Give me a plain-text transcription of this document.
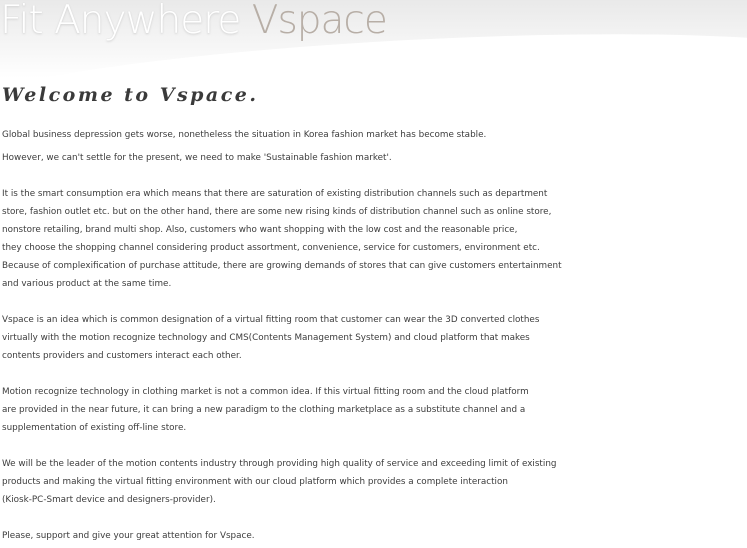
Fit Anywhere Vspace
Welcome to Vspace.

Global business depression gets worse, nonetheless the situation in Korea fashion market has become stable.

However, we can't settle for the present, we need to make 'Sustainable fashion market'.

It is the smart consumption era which means that there are saturation of existing distribution channels such as department
store, fashion outlet etc. but on the other hand, there are some new rising kinds of distribution channel such as online store,
nonstore retailing, brand multi shop. Also, customers who want shopping with the low cost and the reasonable price,
they choose the shopping channel considering product assortment, convenience, service for customers, environment etc.
Because of complexification of purchase attitude, there are growing demands of stores that can give customers entertainment
and various product at the same time.

Vspace is an idea which is common designation of a virtual fitting room that customer can wear the 3D converted clothes
virtually with the motion recognize technology and CMS(Contents Management System) and cloud platform that makes
contents providers and customers interact each other.

Motion recognize technology in clothing market is not a common idea. If this virtual fitting room and the cloud platform
are provided in the near future, it can bring a new paradigm to the clothing marketplace as a substitute channel and a
supplementation of existing off-line store.

We will be the leader of the motion contents industry through providing high quality of service and exceeding limit of existing
products and making the virtual fitting environment with our cloud platform which provides a complete interaction
(Kiosk-PC-Smart device and designers-provider).

Please, support and give your great attention for Vspace.
